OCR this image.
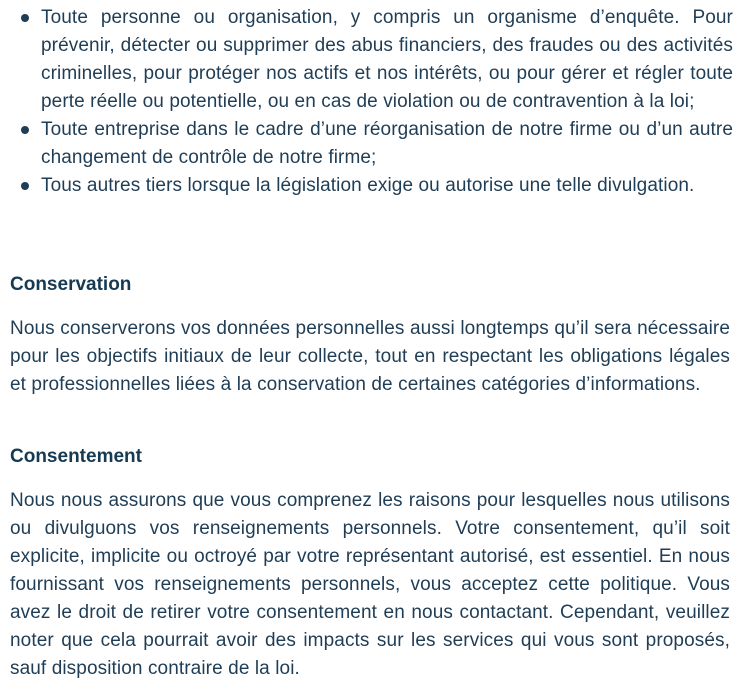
Toute personne ou organisation, y compris un organisme d’enquête. Pour prévenir, détecter ou supprimer des abus financiers, des fraudes ou des activités criminelles, pour protéger nos actifs et nos intérêts, ou pour gérer et régler toute perte réelle ou potentielle, ou en cas de violation ou de contravention à la loi;
Toute entreprise dans le cadre d’une réorganisation de notre firme ou d’un autre changement de contrôle de notre firme;
Tous autres tiers lorsque la législation exige ou autorise une telle divulgation.
Conservation
Nous conserverons vos données personnelles aussi longtemps qu’il sera nécessaire pour les objectifs initiaux de leur collecte, tout en respectant les obligations légales et professionnelles liées à la conservation de certaines catégories d’informations.
Consentement
Nous nous assurons que vous comprenez les raisons pour lesquelles nous utilisons ou divulguons vos renseignements personnels. Votre consentement, qu’il soit explicite, implicite ou octroyé par votre représentant autorisé, est essentiel. En nous fournissant vos renseignements personnels, vous acceptez cette politique. Vous avez le droit de retirer votre consentement en nous contactant. Cependant, veuillez noter que cela pourrait avoir des impacts sur les services qui vous sont proposés, sauf disposition contraire de la loi.
